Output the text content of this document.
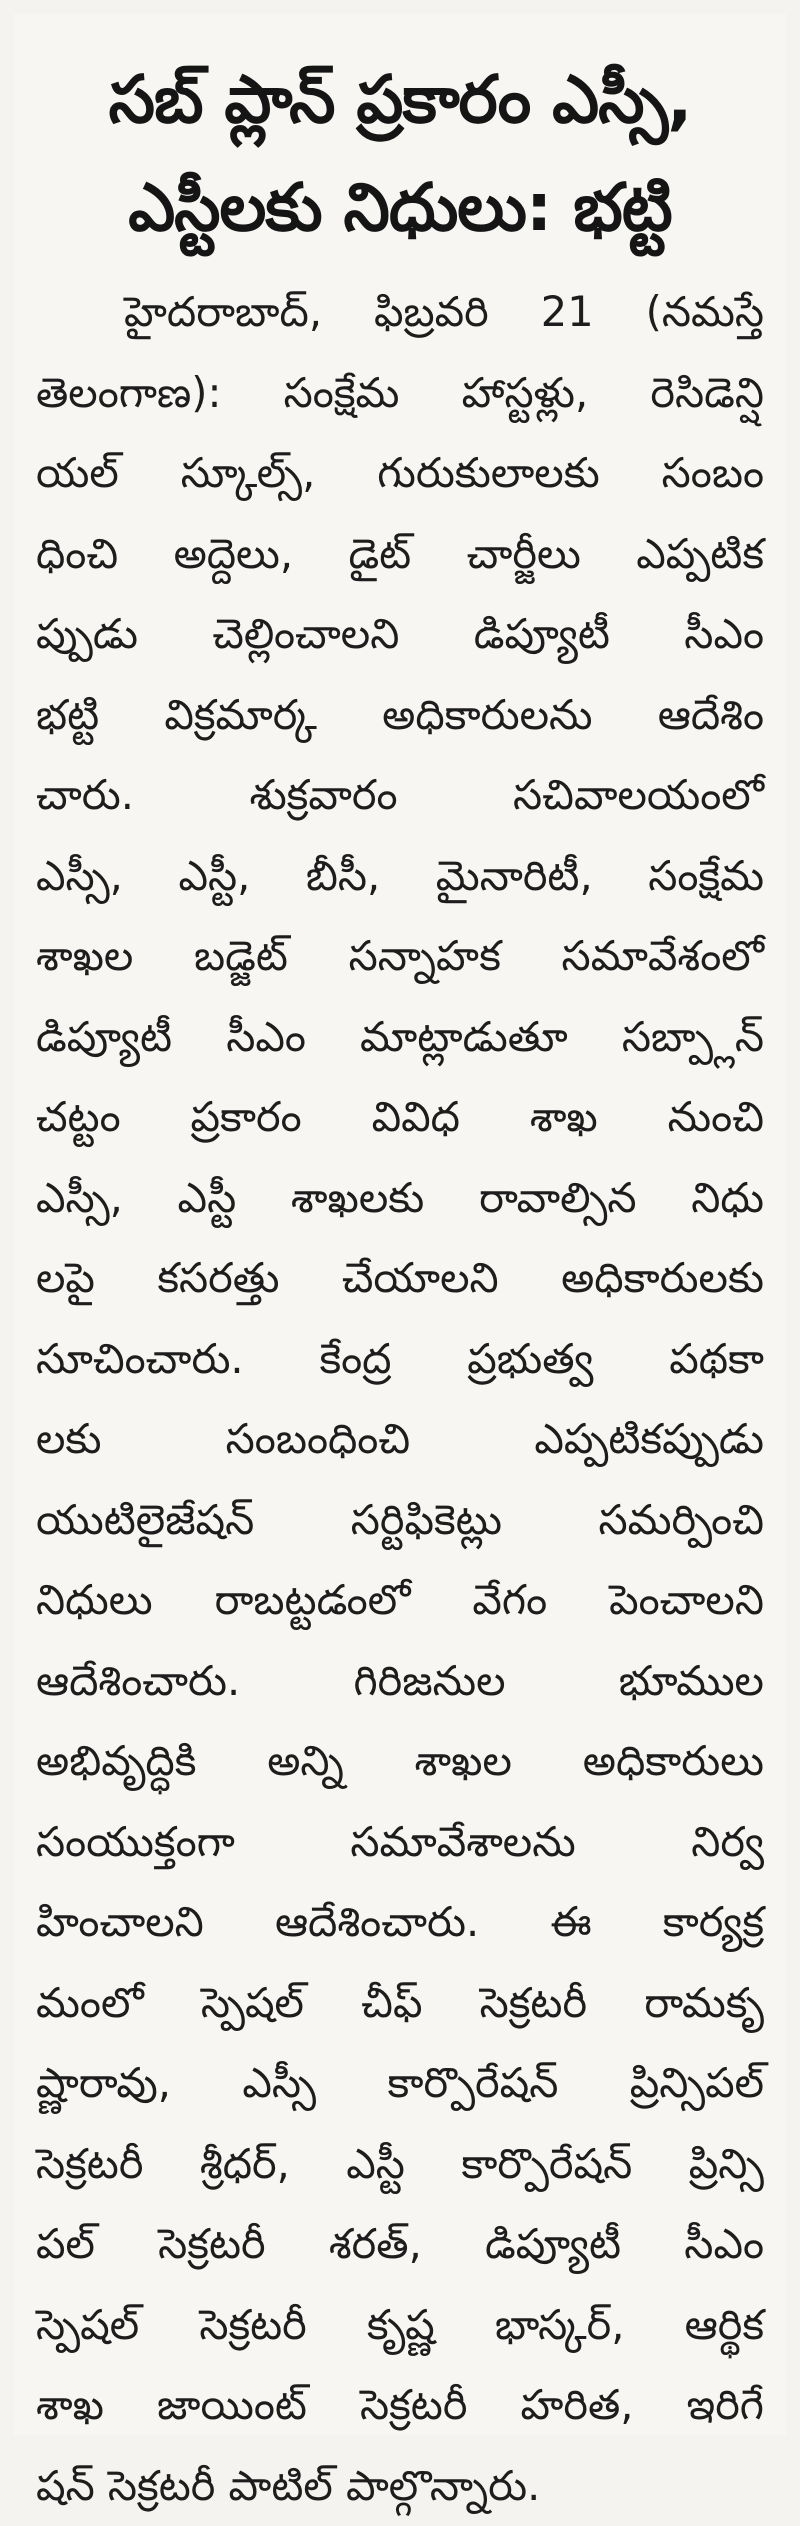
సబ్ ప్లాన్ ప్రకారం ఎస్సీ,
ఎస్టీలకు నిధులు: భట్టి
హైదరాబాద్, ఫిబ్రవరి 21 (నమస్తే
తెలంగాణ): సంక్షేమ హాస్టళ్లు, రెసిడెన్షి
యల్ స్కూల్స్, గురుకులాలకు సంబం
ధించి అద్దెలు, డైట్ చార్జీలు ఎప్పటిక
ప్పుడు చెల్లించాలని డిప్యూటీ సీఎం
భట్టి విక్రమార్క అధికారులను ఆదేశిం
చారు. శుక్రవారం సచివాలయంలో
ఎస్సీ, ఎస్టీ, బీసీ, మైనారిటీ, సంక్షేమ
శాఖల బడ్జెట్ సన్నాహక సమావేశంలో
డిప్యూటీ సీఎం మాట్లాడుతూ సబ్ప్లాన్
చట్టం ప్రకారం వివిధ శాఖ నుంచి
ఎస్సీ, ఎస్టీ శాఖలకు రావాల్సిన నిధు
లపై కసరత్తు చేయాలని అధికారులకు
సూచించారు. కేంద్ర ప్రభుత్వ పథకా
లకు సంబంధించి ఎప్పటికప్పుడు
యుటిలైజేషన్ సర్టిఫికెట్లు సమర్పించి
నిధులు రాబట్టడంలో వేగం పెంచాలని
ఆదేశించారు. గిరిజనుల భూముల
అభివృద్ధికి అన్ని శాఖల అధికారులు
సంయుక్తంగా సమావేశాలను నిర్వ
హించాలని ఆదేశించారు. ఈ కార్యక్ర
మంలో స్పెషల్ చీఫ్ సెక్రటరీ రామకృ
ష్ణారావు, ఎస్సీ కార్పొరేషన్ ప్రిన్సిపల్
సెక్రటరీ శ్రీధర్, ఎస్టీ కార్పొరేషన్ ప్రిన్సి
పల్ సెక్రటరీ శరత్, డిప్యూటీ సీఎం
స్పెషల్ సెక్రటరీ కృష్ణ భాస్కర్, ఆర్థిక
శాఖ జాయింట్ సెక్రటరీ హరిత, ఇరిగే
షన్ సెక్రటరీ పాటిల్ పాల్గొన్నారు.
